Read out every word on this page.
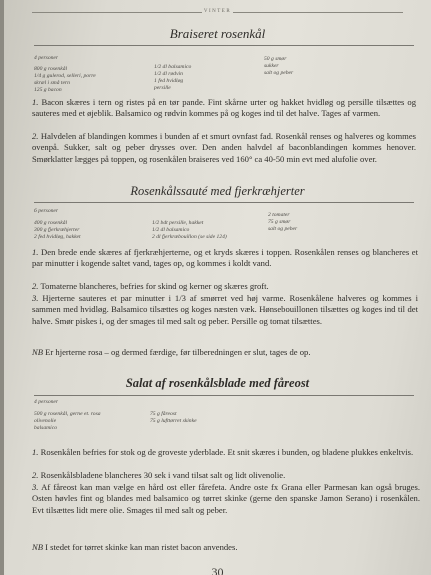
VINTER
Braiseret rosenkål
4 personer
800 g rosenkål
1/4 g gulerod, selleri, porre
skræl i små tern
125 g bacon
1/2 dl balsamico
1/2 dl rødvin
1 fed hvidløg
persille
50 g smør
sukker
salt og peber
1. Bacon skæres i tern og ristes på en tør pande. Fint skårne urter og hakket hvidløg og persille tilsættes og sauteres med et øjeblik. Balsamico og rødvin kommes på og koges ind til det halve. Tages af varmen.
2. Halvdelen af blandingen kommes i bunden af et smurt ovnfast fad. Rosenkål renses og halveres og kommes ovenpå. Sukker, salt og peber drysses over. Den anden halvdel af baconblandingen kommes henover. Smørklatter lægges på toppen, og rosenkålen braiseres ved 160° ca 40-50 min evt med alufolie over.
Rosenkålssauté med fjerkræhjerter
6 personer
400 g rosenkål
300 g fjerkræhjerter
2 fed hvidløg, hakket
1/2 bdt persille, hakket
1/2 dl balsamico
2 dl fjerkræbouillon (se side 124)
2 tomater
75 g smør
salt og peber
1. Den brede ende skæres af fjerkræhjerterne, og et kryds skæres i toppen. Rosenkålen renses og blancheres et par minutter i kogende saltet vand, tages op, og kommes i koldt vand.
2. Tomaterne blancheres, befries for skind og kerner og skæres groft.
3. Hjerterne sauteres et par minutter i 1/3 af smørret ved høj varme. Rosenkålene halveres og kommes i sammen med hvidløg. Balsamico tilsættes og koges næsten væk. Hønsebouillonen tilsættes og koges ind til det halve. Smør piskes i, og der smages til med salt og peber. Persille og tomat tilsættes.
NB Er hjerterne rosa – og dermed færdige, før tilberedningen er slut, tages de op.
Salat af rosenkålsblade med fåreost
4 personer
500 g rosenkål, gerne et. rosa
olivenolie
balsamico
75 g fåreost
75 g lufttørret skinke
1. Rosenkålen befries for stok og de groveste yderblade. Et snit skæres i bunden, og bladene plukkes enkeltvis.
2. Rosenkålsbladene blancheres 30 sek i vand tilsat salt og lidt olivenolie.
3. Af fåreost kan man vælge en hård ost eller fårefeta. Andre oste fx Grana eller Parmesan kan også bruges. Osten høvles fint og blandes med balsamico og tørret skinke (gerne den spanske Jamon Serano) i rosenkålen. Evt tilsættes lidt mere olie. Smages til med salt og peber.
NB I stedet for tørret skinke kan man ristet bacon anvendes.
30
